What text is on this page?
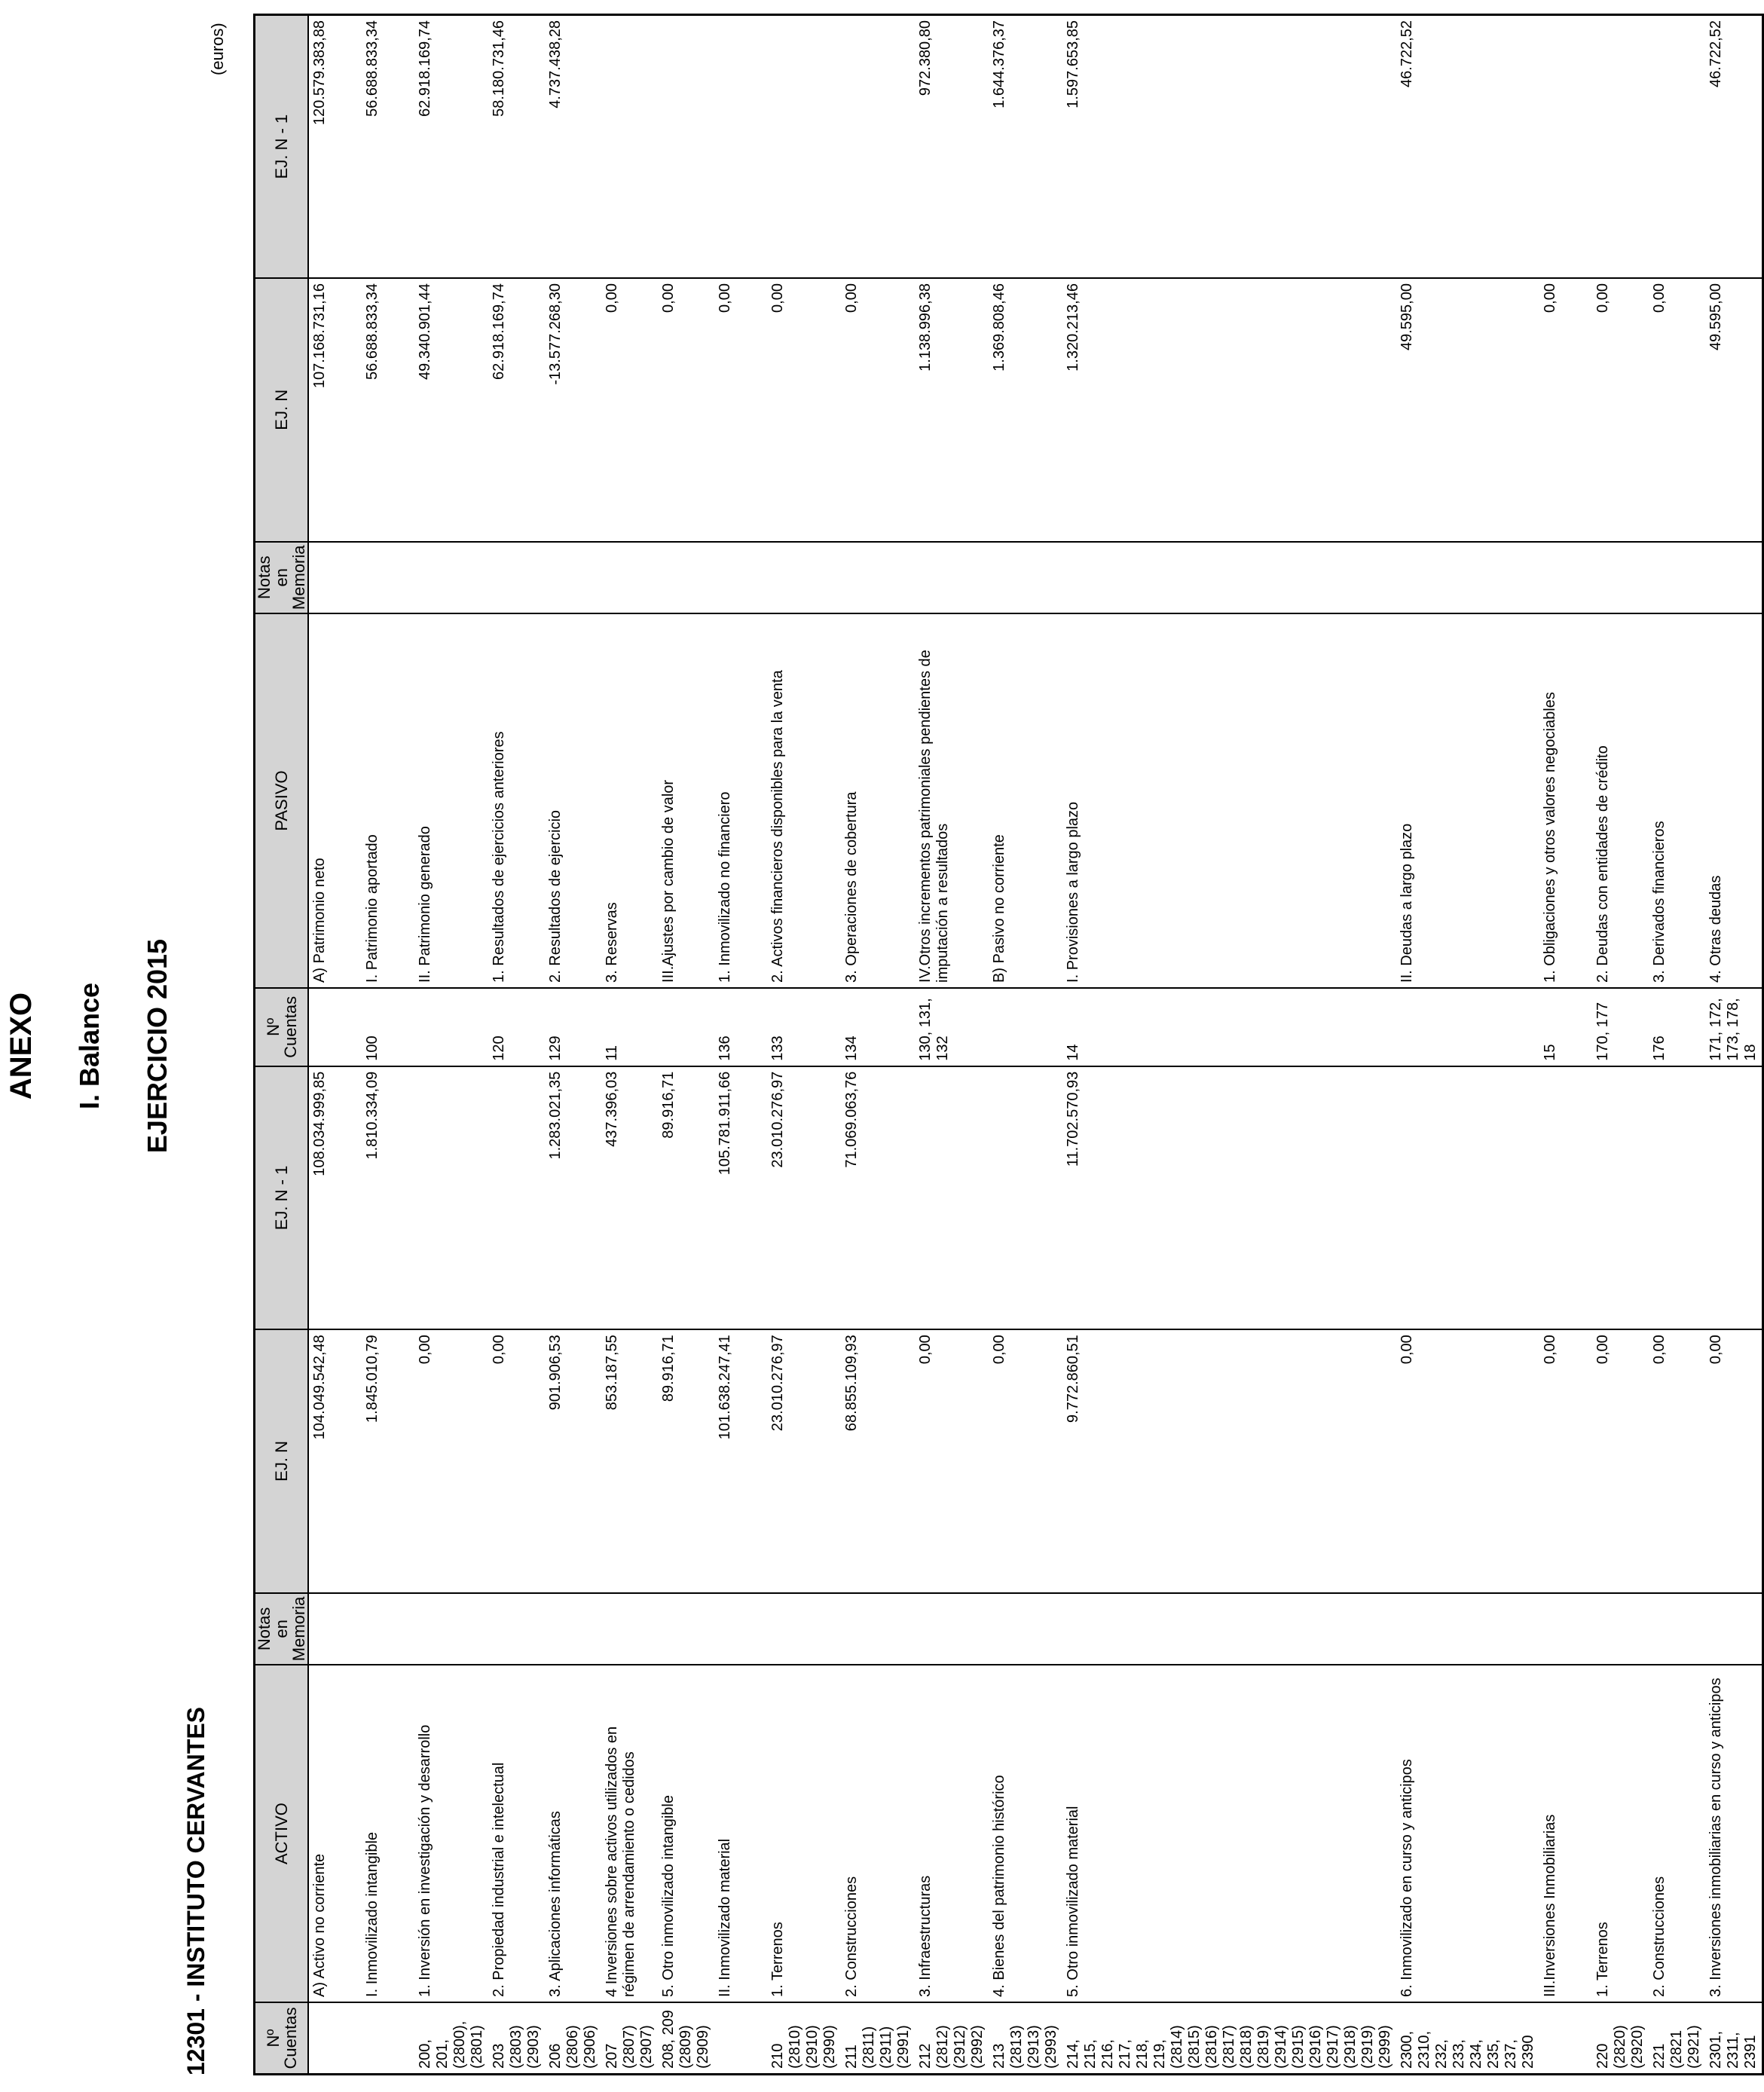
ANEXO I. Balance EJERCICIO 2015
12301 - INSTITUTO CERVANTES
(euros)
Nº Cuentas	ACTIVO	Notas en Memoria	EJ. N	EJ. N - 1	Nº Cuentas	PASIVO	Notas en Memoria	EJ. N	EJ. N - 1
	A) Activo no corriente		104.049.542,48	108.034.999,85		A) Patrimonio neto		107.168.731,16	120.579.383,88
	I. Inmovilizado intangible		1.845.010,79	1.810.334,09	100	I. Patrimonio aportado		56.688.833,34	56.688.833,34
200, 201, (2800), (2801)	1. Inversión en investigación y desarrollo		0,00			II. Patrimonio generado		49.340.901,44	62.918.169,74
203 (2803) (2903)	2. Propiedad industrial e intelectual		0,00		120	1. Resultados de ejercicios anteriores		62.918.169,74	58.180.731,46
206 (2806) (2906)	3. Aplicaciones informáticas		901.906,53	1.283.021,35	129	2. Resultados de ejercicio		-13.577.268,30	4.737.438,28
207 (2807) (2907)	4 Inversiones sobre activos utilizados en régimen de arrendamiento o cedidos		853.187,55	437.396,03	11	3. Reservas		0,00	
208, 209 (2809) (2909)	5. Otro inmovilizado intangible		89.916,71	89.916,71		III.Ajustes por cambio de valor		0,00	
	II. Inmovilizado material		101.638.247,41	105.781.911,66	136	1. Inmovilizado no financiero		0,00	
210 (2810) (2910) (2990)	1. Terrenos		23.010.276,97	23.010.276,97	133	2. Activos financieros disponibles para la venta		0,00	
211 (2811) (2911) (2991)	2. Construcciones		68.855.109,93	71.069.063,76	134	3. Operaciones de cobertura		0,00	
212 (2812) (2912) (2992)	3. Infraestructuras		0,00		130, 131, 132	IV.Otros incrementos patrimoniales pendientes de imputación a resultados		1.138.996,38	972.380,80
213 (2813) (2913) (2993)	4. Bienes del patrimonio histórico		0,00			B) Pasivo no corriente		1.369.808,46	1.644.376,37
214, 215, 216, 217, 218, 219, (2814) (2815) (2816) (2817) (2818) (2819) (2914) (2915) (2916) (2917) (2918) (2919) (2999)	5. Otro inmovilizado material		9.772.860,51	11.702.570,93	14	I. Provisiones a largo plazo		1.320.213,46	1.597.653,85
2300, 2310, 232, 233, 234, 235, 237, 2390	6. Inmovilizado en curso y anticipos		0,00			II. Deudas a largo plazo		49.595,00	46.722,52
	III.Inversiones Inmobiliarias		0,00		15	1. Obligaciones y otros valores negociables		0,00	
220 (2820) (2920)	1. Terrenos		0,00		170, 177	2. Deudas con entidades de crédito		0,00	
221 (2821 (2921)	2. Construcciones		0,00		176	3. Derivados financieros		0,00	
2301, 2311, 2391	3. Inversiones inmobiliarias en curso y anticipos		0,00		171, 172, 173, 178, 18	4. Otras deudas		49.595,00	46.722,52
